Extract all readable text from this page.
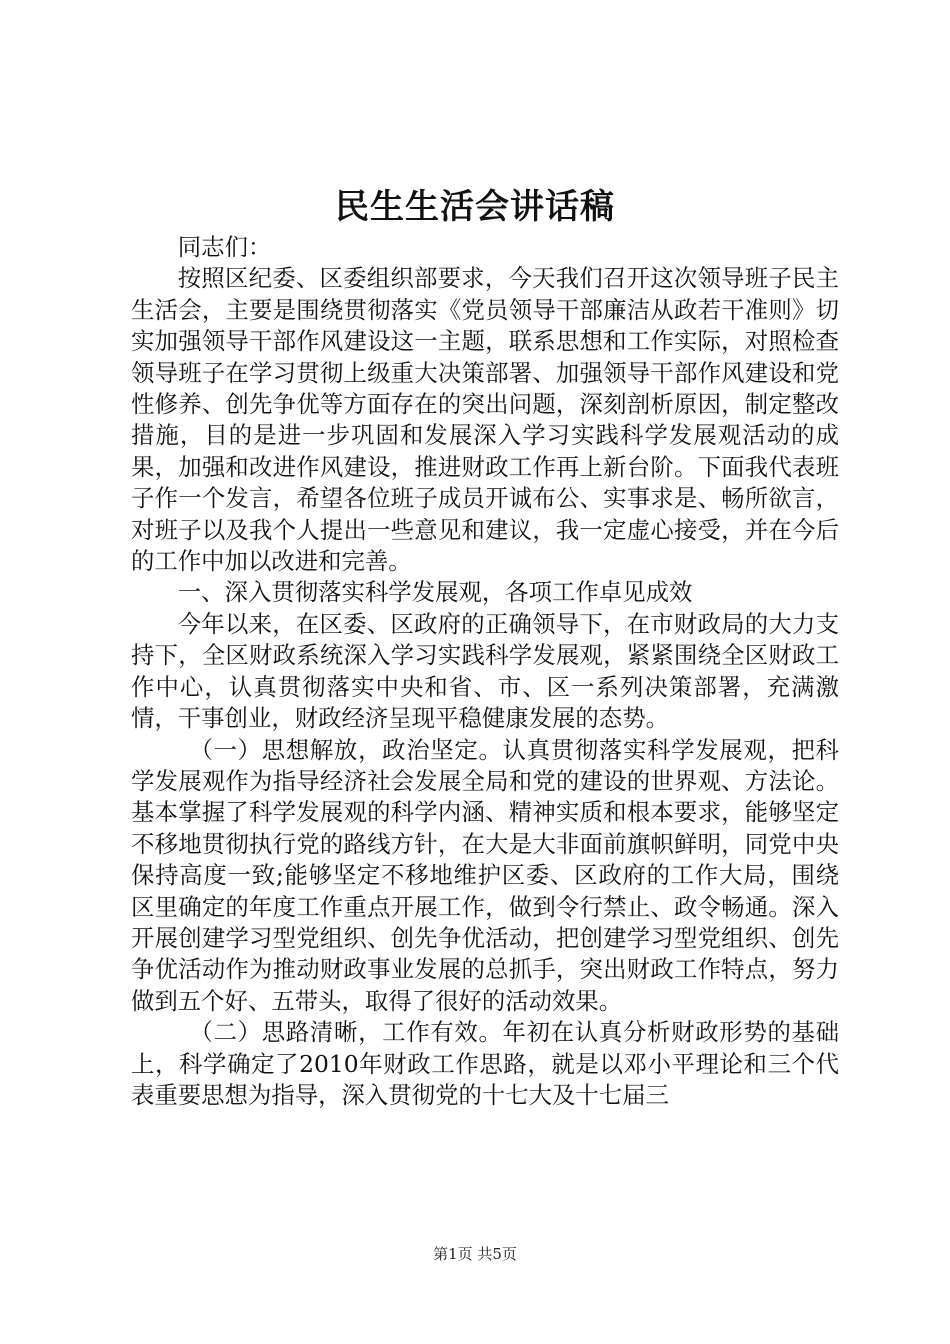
民生生活会讲话稿

同志们：

按照区纪委、区委组织部要求，今天我们召开这次领导班子民主生活会，主要是围绕贯彻落实《党员领导干部廉洁从政若干准则》切实加强领导干部作风建设这一主题，联系思想和工作实际，对照检查领导班子在学习贯彻上级重大决策部署、加强领导干部作风建设和党性修养、创先争优等方面存在的突出问题，深刻剖析原因，制定整改措施，目的是进一步巩固和发展深入学习实践科学发展观活动的成果，加强和改进作风建设，推进财政工作再上新台阶。下面我代表班子作一个发言，希望各位班子成员开诚布公、实事求是、畅所欲言，对班子以及我个人提出一些意见和建议，我一定虚心接受，并在今后的工作中加以改进和完善。

一、深入贯彻落实科学发展观，各项工作卓见成效

今年以来，在区委、区政府的正确领导下，在市财政局的大力支持下，全区财政系统深入学习实践科学发展观，紧紧围绕全区财政工作中心，认真贯彻落实中央和省、市、区一系列决策部署，充满激情，干事创业，财政经济呈现平稳健康发展的态势。

（一）思想解放，政治坚定。认真贯彻落实科学发展观，把科学发展观作为指导经济社会发展全局和党的建设的世界观、方法论。基本掌握了科学发展观的科学内涵、精神实质和根本要求，能够坚定不移地贯彻执行党的路线方针，在大是大非面前旗帜鲜明，同党中央保持高度一致;能够坚定不移地维护区委、区政府的工作大局，围绕区里确定的年度工作重点开展工作，做到令行禁止、政令畅通。深入开展创建学习型党组织、创先争优活动，把创建学习型党组织、创先争优活动作为推动财政事业发展的总抓手，突出财政工作特点，努力做到五个好、五带头，取得了很好的活动效果。

（二）思路清晰，工作有效。年初在认真分析财政形势的基础上，科学确定了2010年财政工作思路，就是以邓小平理论和三个代表重要思想为指导，深入贯彻党的十七大及十七届三

第1页 共5页
